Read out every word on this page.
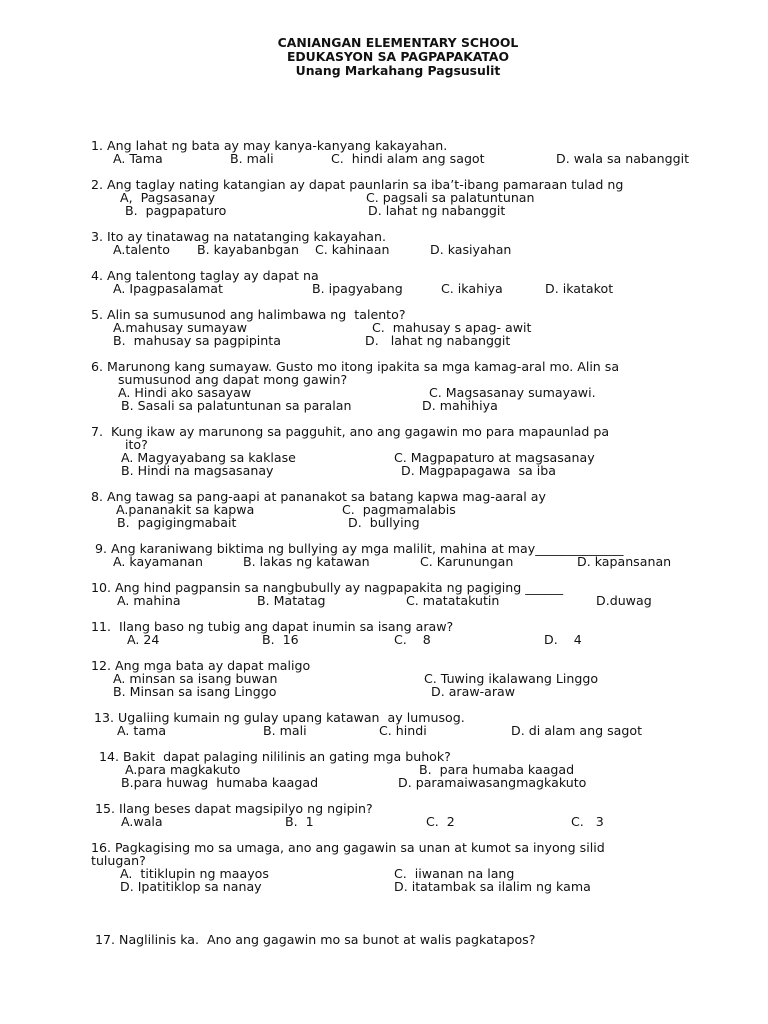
CANIANGAN ELEMENTARY SCHOOL
EDUKASYON SA PAGPAPAKATAO
Unang Markahang Pagsusulit
1. Ang lahat ng bata ay may kanya-kanyang kakayahan.
A. Tama	B. mali	C.  hindi alam ang sagot	D. wala sa nabanggit
2. Ang taglay nating katangian ay dapat paunlarin sa iba’t-ibang pamaraan tulad ng
A,  Pagsasanay	C. pagsali sa palatuntunan
B.  pagpapaturo	D. lahat ng nabanggit
3. Ito ay tinatawag na natatanging kakayahan.
A.talento B. kayabanbgan C. kahinaan	D. kasiyahan
4. Ang talentong taglay ay dapat na
A. Ipagpasalamat	B. ipagyabang	C. ikahiya	D. ikatakot
5. Alin sa sumusunod ang halimbawa ng  talento?
A.mahusay sumayaw	C.  mahusay s apag- awit
B.  mahusay sa pagpipinta	D.   lahat ng nabanggit
6. Marunong kang sumayaw. Gusto mo itong ipakita sa mga kamag-aral mo. Alin sa
sumusunod ang dapat mong gawin?
A. Hindi ako sasayaw	C. Magsasanay sumayawi.
B. Sasali sa palatuntunan sa paralan	D. mahihiya
7.  Kung ikaw ay marunong sa pagguhit, ano ang gagawin mo para mapaunlad pa
ito?
A. Magyayabang sa kaklase	C. Magpapaturo at magsasanay
B. Hindi na magsasanay	D. Magpapagawa  sa iba
8. Ang tawag sa pang-aapi at pananakot sa batang kapwa mag-aaral ay
A.pananakit sa kapwa	C.  pagmamalabis
B.  pagigingmabait	D.  bullying
9. Ang karaniwang biktima ng bullying ay mga malilit, mahina at may______________
A. kayamanan	B. lakas ng katawan	C. Karunungan	D. kapansanan
10. Ang hind pagpansin sa nangbubully ay nagpapakita ng pagiging ______
A. mahina	B. Matatag	C. matatakutin	D.duwag
11.  Ilang baso ng tubig ang dapat inumin sa isang araw?
A. 24	B.  16	C.    8	D.    4
12. Ang mga bata ay dapat maligo
A. minsan sa isang buwan	C. Tuwing ikalawang Linggo
B. Minsan sa isang Linggo	D. araw-araw
13. Ugaliing kumain ng gulay upang katawan  ay lumusog.
A. tama	B. mali	C. hindi	D. di alam ang sagot
14. Bakit  dapat palaging nililinis an gating mga buhok?
A.para magkakuto	B.  para humaba kaagad
B.para huwag  humaba kaagad	D. paramaiwasangmagkakuto
15. Ilang beses dapat magsipilyo ng ngipin?
A.wala	B.  1	C.  2	C.   3
16. Pagkagising mo sa umaga, ano ang gagawin sa unan at kumot sa inyong silid
tulugan?
A.  titiklupin ng maayos	C.  iiwanan na lang
D. Ipatitiklop sa nanay	D. itatambak sa ilalim ng kama
17. Naglilinis ka.  Ano ang gagawin mo sa bunot at walis pagkatapos?
